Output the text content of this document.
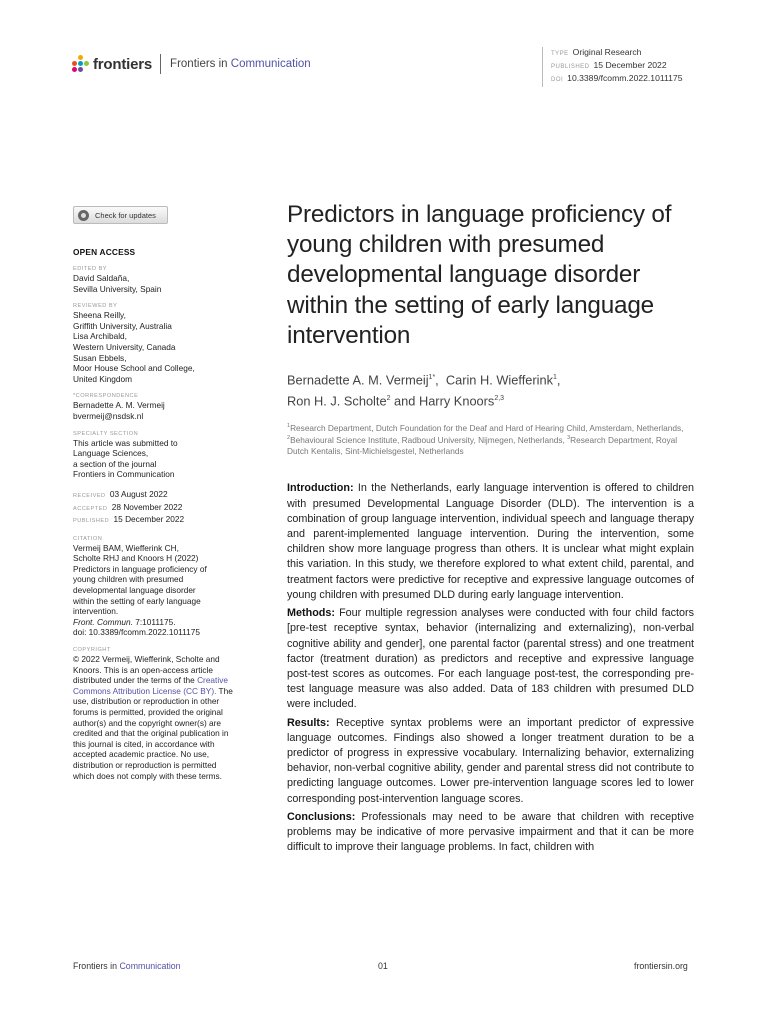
frontiers Frontiers in Communication
TYPE Original Research
PUBLISHED 15 December 2022
DOI 10.3389/fcomm.2022.1011175
Check for updates
OPEN ACCESS
EDITED BY
David Saldaña,
Sevilla University, Spain
REVIEWED BY
Sheena Reilly,
Griffith University, Australia
Lisa Archibald,
Western University, Canada
Susan Ebbels,
Moor House School and College,
United Kingdom
*CORRESPONDENCE
Bernadette A. M. Vermeij
bvermeij@nsdsk.nl
SPECIALTY SECTION
This article was submitted to
Language Sciences,
a section of the journal
Frontiers in Communication
RECEIVED 03 August 2022
ACCEPTED 28 November 2022
PUBLISHED 15 December 2022
CITATION
Vermeij BAM, Wiefferink CH,
Scholte RHJ and Knoors H (2022)
Predictors in language proficiency of
young children with presumed
developmental language disorder
within the setting of early language
intervention.
Front. Commun. 7:1011175.
doi: 10.3389/fcomm.2022.1011175
COPYRIGHT
© 2022 Vermeij, Wiefferink, Scholte and Knoors. This is an open-access article distributed under the terms of the Creative Commons Attribution License (CC BY). The use, distribution or reproduction in other forums is permitted, provided the original author(s) and the copyright owner(s) are credited and that the original publication in this journal is cited, in accordance with accepted academic practice. No use, distribution or reproduction is permitted which does not comply with these terms.
Predictors in language proficiency of young children with presumed developmental language disorder within the setting of early language intervention
Bernadette A. M. Vermeij$^{1*}$,  Carin H. Wiefferink$^1$,
Ron H. J. Scholte$^2$ and Harry Knoors$^{2,3}$
$^1$Research Department, Dutch Foundation for the Deaf and Hard of Hearing Child, Amsterdam, Netherlands, $^2$Behavioural Science Institute, Radboud University, Nijmegen, Netherlands, $^3$Research Department, Royal Dutch Kentalis, Sint-Michielsgestel, Netherlands

Introduction: In the Netherlands, early language intervention is offered to children with presumed Developmental Language Disorder (DLD). The intervention is a combination of group language intervention, individual speech and language therapy and parent-implemented language intervention. During the intervention, some children show more language progress than others. It is unclear what might explain this variation. In this study, we therefore explored to what extent child, parental, and treatment factors were predictive for receptive and expressive language outcomes of young children with presumed DLD during early language intervention.

Methods: Four multiple regression analyses were conducted with four child factors [pre-test receptive syntax, behavior (internalizing and externalizing), non-verbal cognitive ability and gender], one parental factor (parental stress) and one treatment factor (treatment duration) as predictors and receptive and expressive language post-test scores as outcomes. For each language post-test, the corresponding pre-test language measure was also added. Data of 183 children with presumed DLD were included.

Results: Receptive syntax problems were an important predictor of expressive language outcomes. Findings also showed a longer treatment duration to be a predictor of progress in expressive vocabulary. Internalizing behavior, externalizing behavior, non-verbal cognitive ability, gender and parental stress did not contribute to predicting language outcomes. Lower pre-intervention language scores led to lower corresponding post-intervention language scores.

Conclusions: Professionals may need to be aware that children with receptive problems may be indicative of more pervasive impairment and that it can be more difficult to improve their language problems. In fact, children with

Frontiers in Communication	01	frontiersin.org
